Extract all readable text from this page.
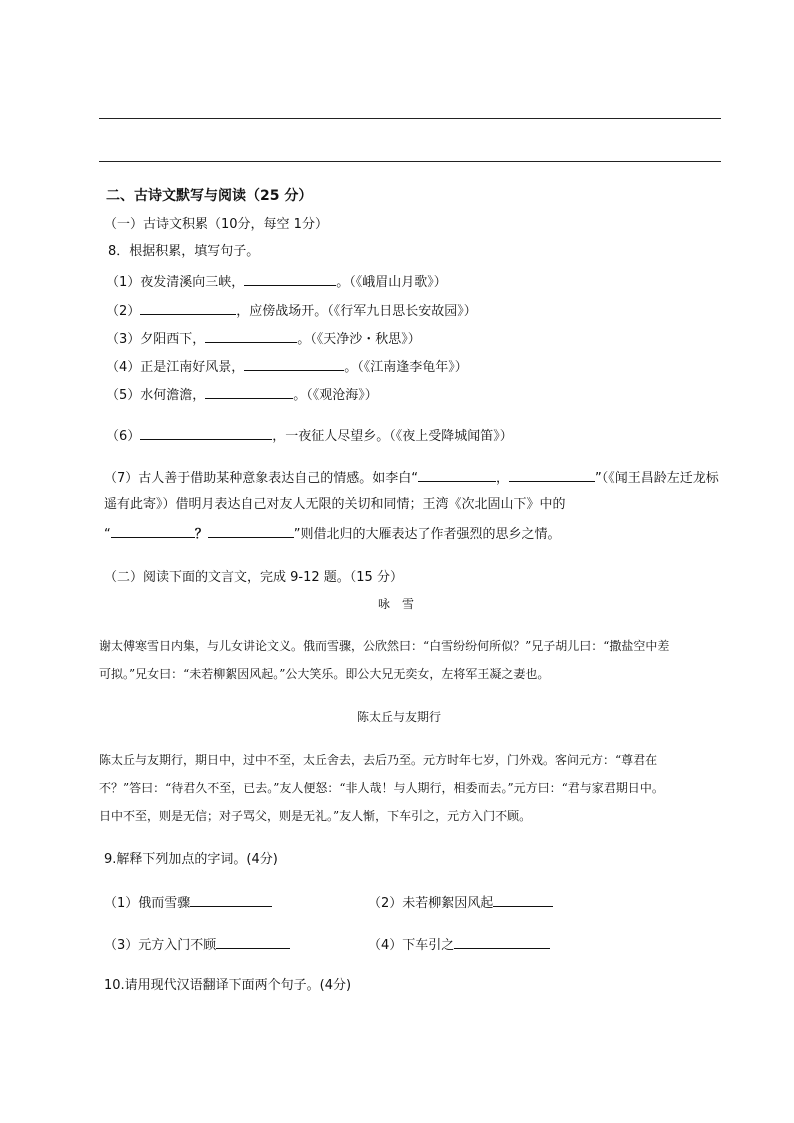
二、古诗文默写与阅读（25 分）
（一）古诗文积累（10分，每空 1分）
8．根据积累，填写句子。
（1）夜发清溪向三峡，	。（《峨眉山月歌》）
（2）	，应傍战场开。（《行军九日思长安故园》）
（3）夕阳西下，	。（《天净沙・秋思》）
（4）正是江南好风景，	。（《江南逢李龟年》）
（5）水何澹澹，	。（《观沧海》）
（6）	，一夜征人尽望乡。（《夜上受降城闻笛》）
（7）古人善于借助某种意象表达自己的情感。如李白“	，	”（《闻王昌龄左迁龙标
遥有此寄》）借明月表达自己对友人无限的关切和同情；王湾《次北固山下》中的
“	？	”则借北归的大雁表达了作者强烈的思乡之情。
（二）阅读下面的文言文，完成 9-12 题。（15 分）
咏　雪
谢太傅寒雪日内集，与儿女讲论文义。俄而雪骤，公欣然曰：“白雪纷纷何所似？”兄子胡儿曰：“撒盐空中差
可拟。”兄女曰：“未若柳絮因风起。”公大笑乐。即公大兄无奕女，左将军王凝之妻也。
陈太丘与友期行
陈太丘与友期行，期日中，过中不至，太丘舍去，去后乃至。元方时年七岁，门外戏。客问元方：“尊君在
不？”答曰：“待君久不至，已去。”友人便怒：“非人哉！与人期行，相委而去。”元方曰：“君与家君期日中。
日中不至，则是无信；对子骂父，则是无礼。”友人惭，下车引之，元方入门不顾。
9.解释下列加点的字词。(4分)
（1）俄而雪骤	（2）未若柳絮因风起
（3）元方入门不顾	（4）下车引之
10.请用现代汉语翻译下面两个句子。(4分)
